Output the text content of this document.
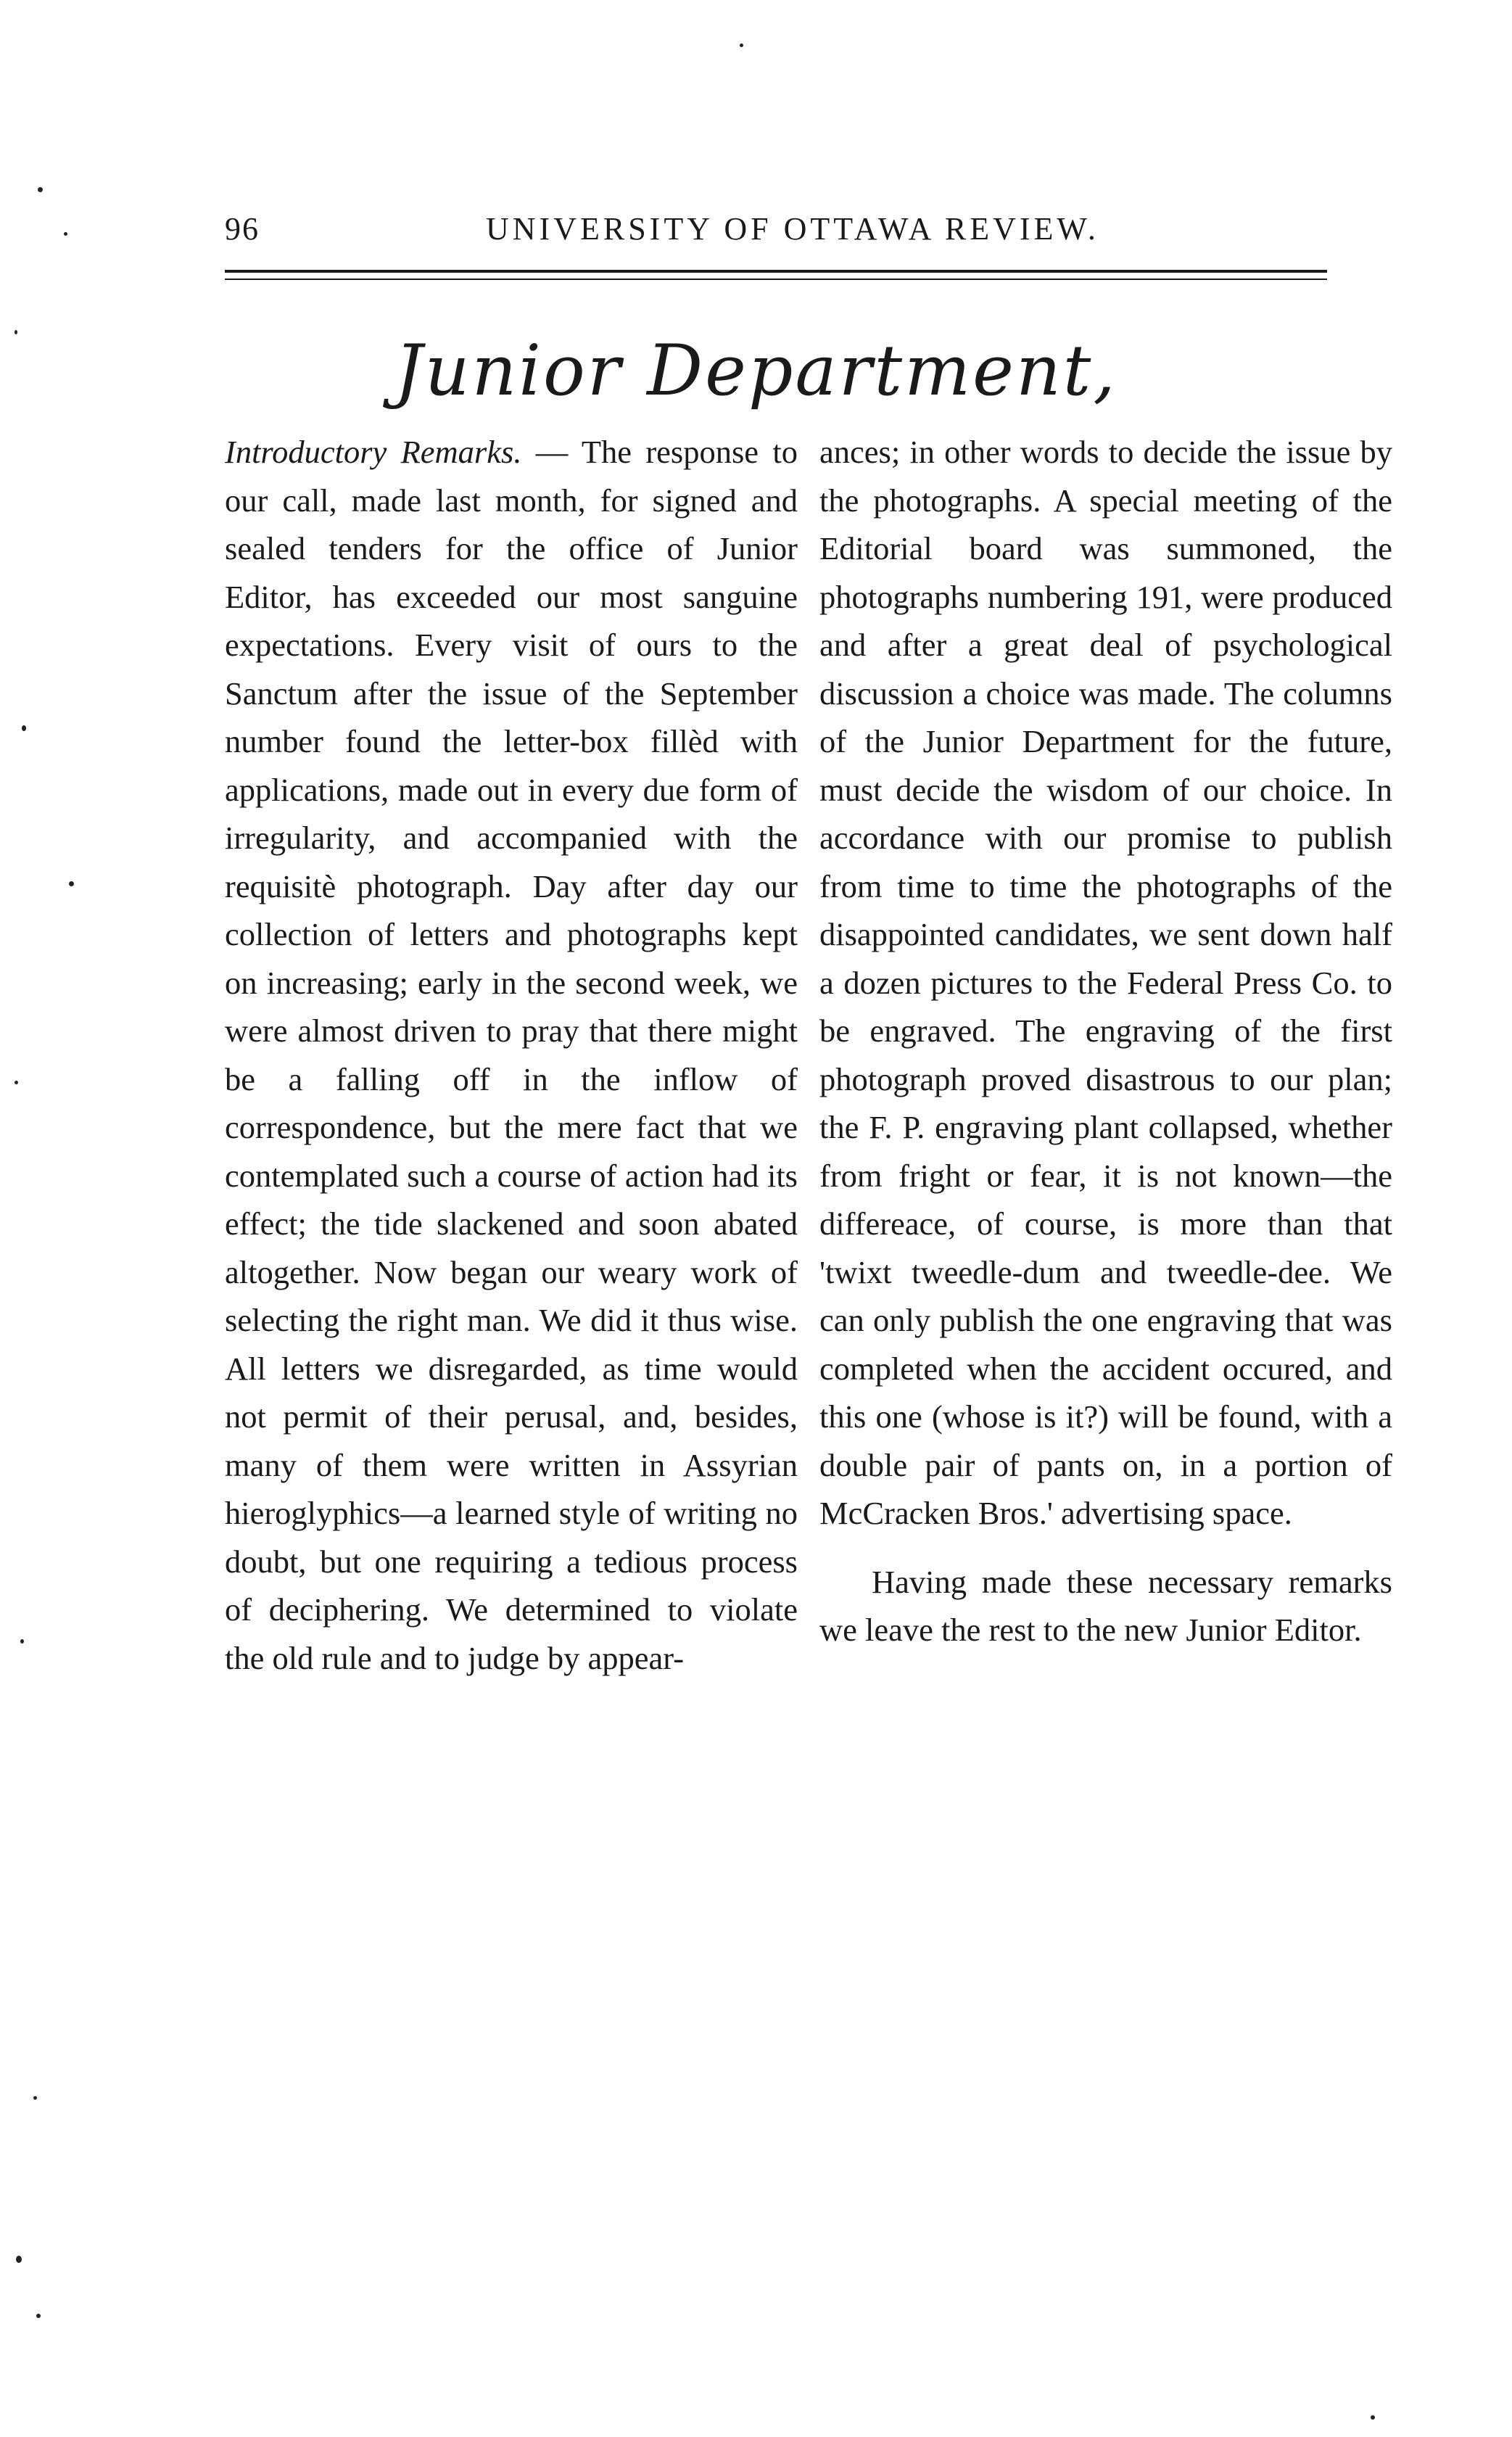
96	UNIVERSITY OF OTTAWA REVIEW.
Junior Department,

Introductory Remarks. — The response to our call, made last month, for signed and sealed tenders for the office of Junior Editor, has exceeded our most sanguine expectations. Every visit of ours to the Sanctum after the issue of the September number found the letter-box fillèd with applications, made out in every due form of irregularity, and accompanied with the requisitè photograph. Day after day our collection of letters and photographs kept on increasing; early in the second week, we were almost driven to pray that there might be a falling off in the inflow of correspondence, but the mere fact that we contemplated such a course of action had its effect; the tide slackened and soon abated altogether. Now began our weary work of selecting the right man. We did it thus wise. All letters we disregarded, as time would not permit of their perusal, and, besides, many of them were written in Assyrian hieroglyphics—a learned style of writing no doubt, but one requiring a tedious process of deciphering. We determined to violate the old rule and to judge by appear-

ances; in other words to decide the issue by the photographs. A special meeting of the Editorial board was summoned, the photographs numbering 191, were produced and after a great deal of psychological discussion a choice was made. The columns of the Junior Department for the future, must decide the wisdom of our choice. In accordance with our promise to publish from time to time the photographs of the disappointed candidates, we sent down half a dozen pictures to the Federal Press Co. to be engraved. The engraving of the first photograph proved disastrous to our plan; the F. P. engraving plant collapsed, whether from fright or fear, it is not known—the differeace, of course, is more than that 'twixt tweedle-dum and tweedle-dee. We can only publish the one engraving that was completed when the accident occured, and this one (whose is it?) will be found, with a double pair of pants on, in a portion of McCracken Bros.' advertising space.

Having made these necessary remarks we leave the rest to the new Junior Editor.
